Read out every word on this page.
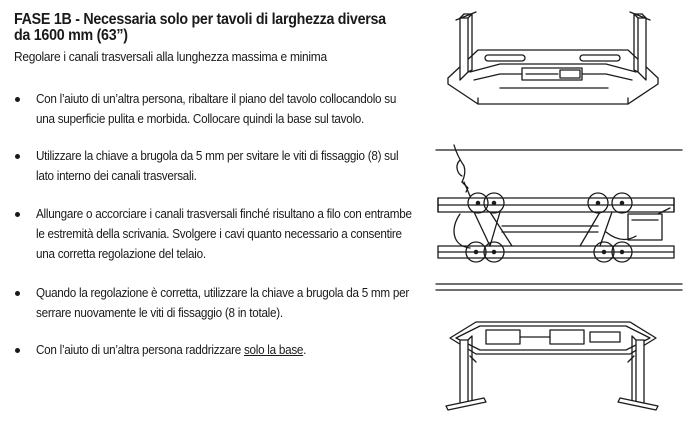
FASE 1B - Necessaria solo per tavoli di larghezza diversa
da 1600 mm (63”)
Regolare i canali trasversali alla lunghezza massima e minima
Con l’aiuto di un’altra persona, ribaltare il piano del tavolo collocandolo su
una superficie pulita e morbida. Collocare quindi la base sul tavolo.
Utilizzare la chiave a brugola da 5 mm per svitare le viti di fissaggio (8) sul
lato interno dei canali trasversali.
Allungare o accorciare i canali trasversali finché risultano a filo con entrambe
le estremità della scrivania. Svolgere i cavi quanto necessario a consentire
una corretta regolazione del telaio.
Quando la regolazione è corretta, utilizzare la chiave a brugola da 5 mm per
serrare nuovamente le viti di fissaggio (8 in totale).
Con l’aiuto di un’altra persona raddrizzare solo la base.
